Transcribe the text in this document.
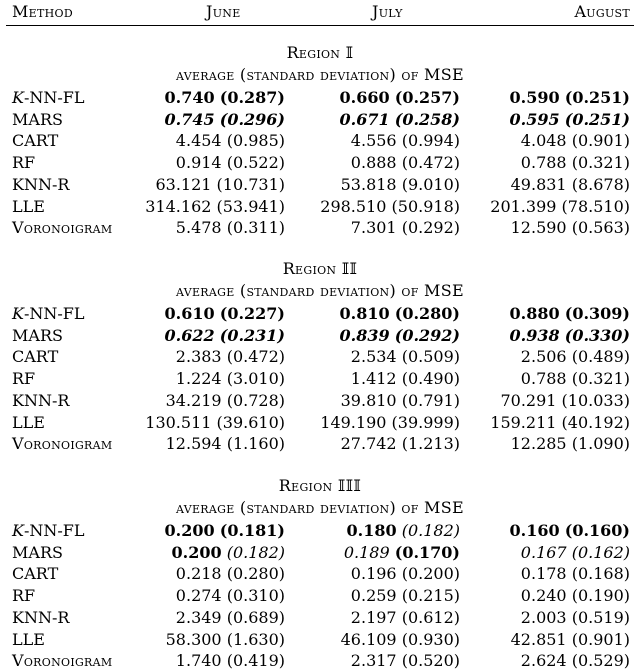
Method	June	July	August
Region 𝕀
average (standard deviation) of MSE
K-NN-FL	0.740 (0.287)	0.660 (0.257)	0.590 (0.251)
MARS	0.745 (0.296)	0.671 (0.258)	0.595 (0.251)
CART	4.454 (0.985)	4.556 (0.994)	4.048 (0.901)
RF	0.914 (0.522)	0.888 (0.472)	0.788 (0.321)
KNN-R	63.121 (10.731)	53.818 (9.010)	49.831 (8.678)
LLE	314.162 (53.941) 298.510 (50.918) 201.399 (78.510)
Voronoigram	5.478 (0.311)	7.301 (0.292)	12.590 (0.563)
Region 𝕀𝕀
average (standard deviation) of MSE
K-NN-FL	0.610 (0.227)	0.810 (0.280)	0.880 (0.309)
MARS	0.622 (0.231)	0.839 (0.292)	0.938 (0.330)
CART	2.383 (0.472)	2.534 (0.509)	2.506 (0.489)
RF	1.224 (3.010)	1.412 (0.490)	0.788 (0.321)
KNN-R	34.219 (0.728)	39.810 (0.791)	70.291 (10.033)
LLE	130.511 (39.610) 149.190 (39.999) 159.211 (40.192)
Voronoigram	12.594 (1.160)	27.742 (1.213)	12.285 (1.090)
Region 𝕀𝕀𝕀
average (standard deviation) of MSE
K-NN-FL	0.200 (0.181)	0.180 (0.182)	0.160 (0.160)
MARS	0.200 (0.182)	0.189 (0.170)	0.167 (0.162)
CART	0.218 (0.280)	0.196 (0.200)	0.178 (0.168)
RF	0.274 (0.310)	0.259 (0.215)	0.240 (0.190)
KNN-R	2.349 (0.689)	2.197 (0.612)	2.003 (0.519)
LLE	58.300 (1.630)	46.109 (0.930)	42.851 (0.901)
Voronoigram	1.740 (0.419)	2.317 (0.520)	2.624 (0.529)
